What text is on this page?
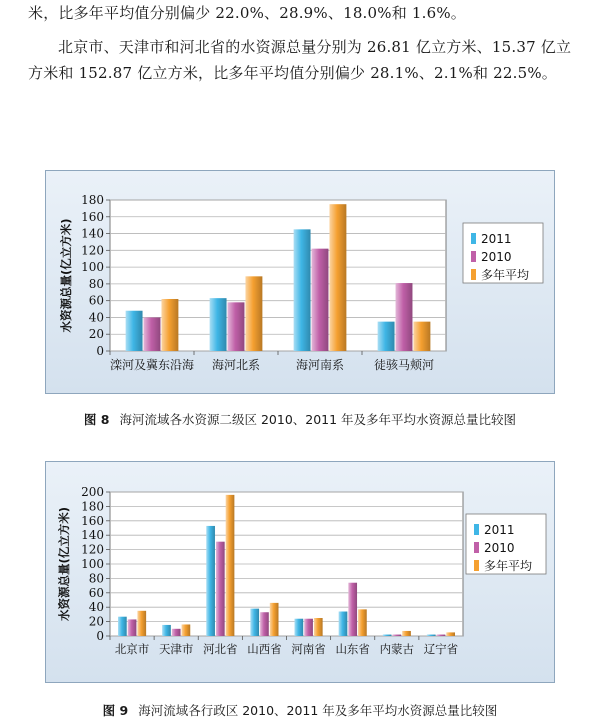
米，比多年平均值分别偏少 22.0%、28.9%、18.0%和 1.6%。

北京市、天津市和河北省的水资源总量分别为 26.81 亿立方米、15.37 亿立方米和 152.87 亿立方米，比多年平均值分别偏少 28.1%、2.1%和 22.5%。

0
20
40
60
80
100
120
140
160
180
水资源总量(亿立方米)
滦河及冀东沿海 海河北系	海河南系 徒骇马颊河
2011
2010
多年平均
图 8 海河流域各水资源二级区 2010、2011 年及多年平均水资源总量比较图
0
20
40
60
80
100
120
140
160
180
200
水资源总量(亿立方米)
北京市 天津市 河北省 山西省 河南省 山东省 内蒙古 辽宁省
2011
2010
多年平均
图 9 海河流域各行政区 2010、2011 年及多年平均水资源总量比较图
